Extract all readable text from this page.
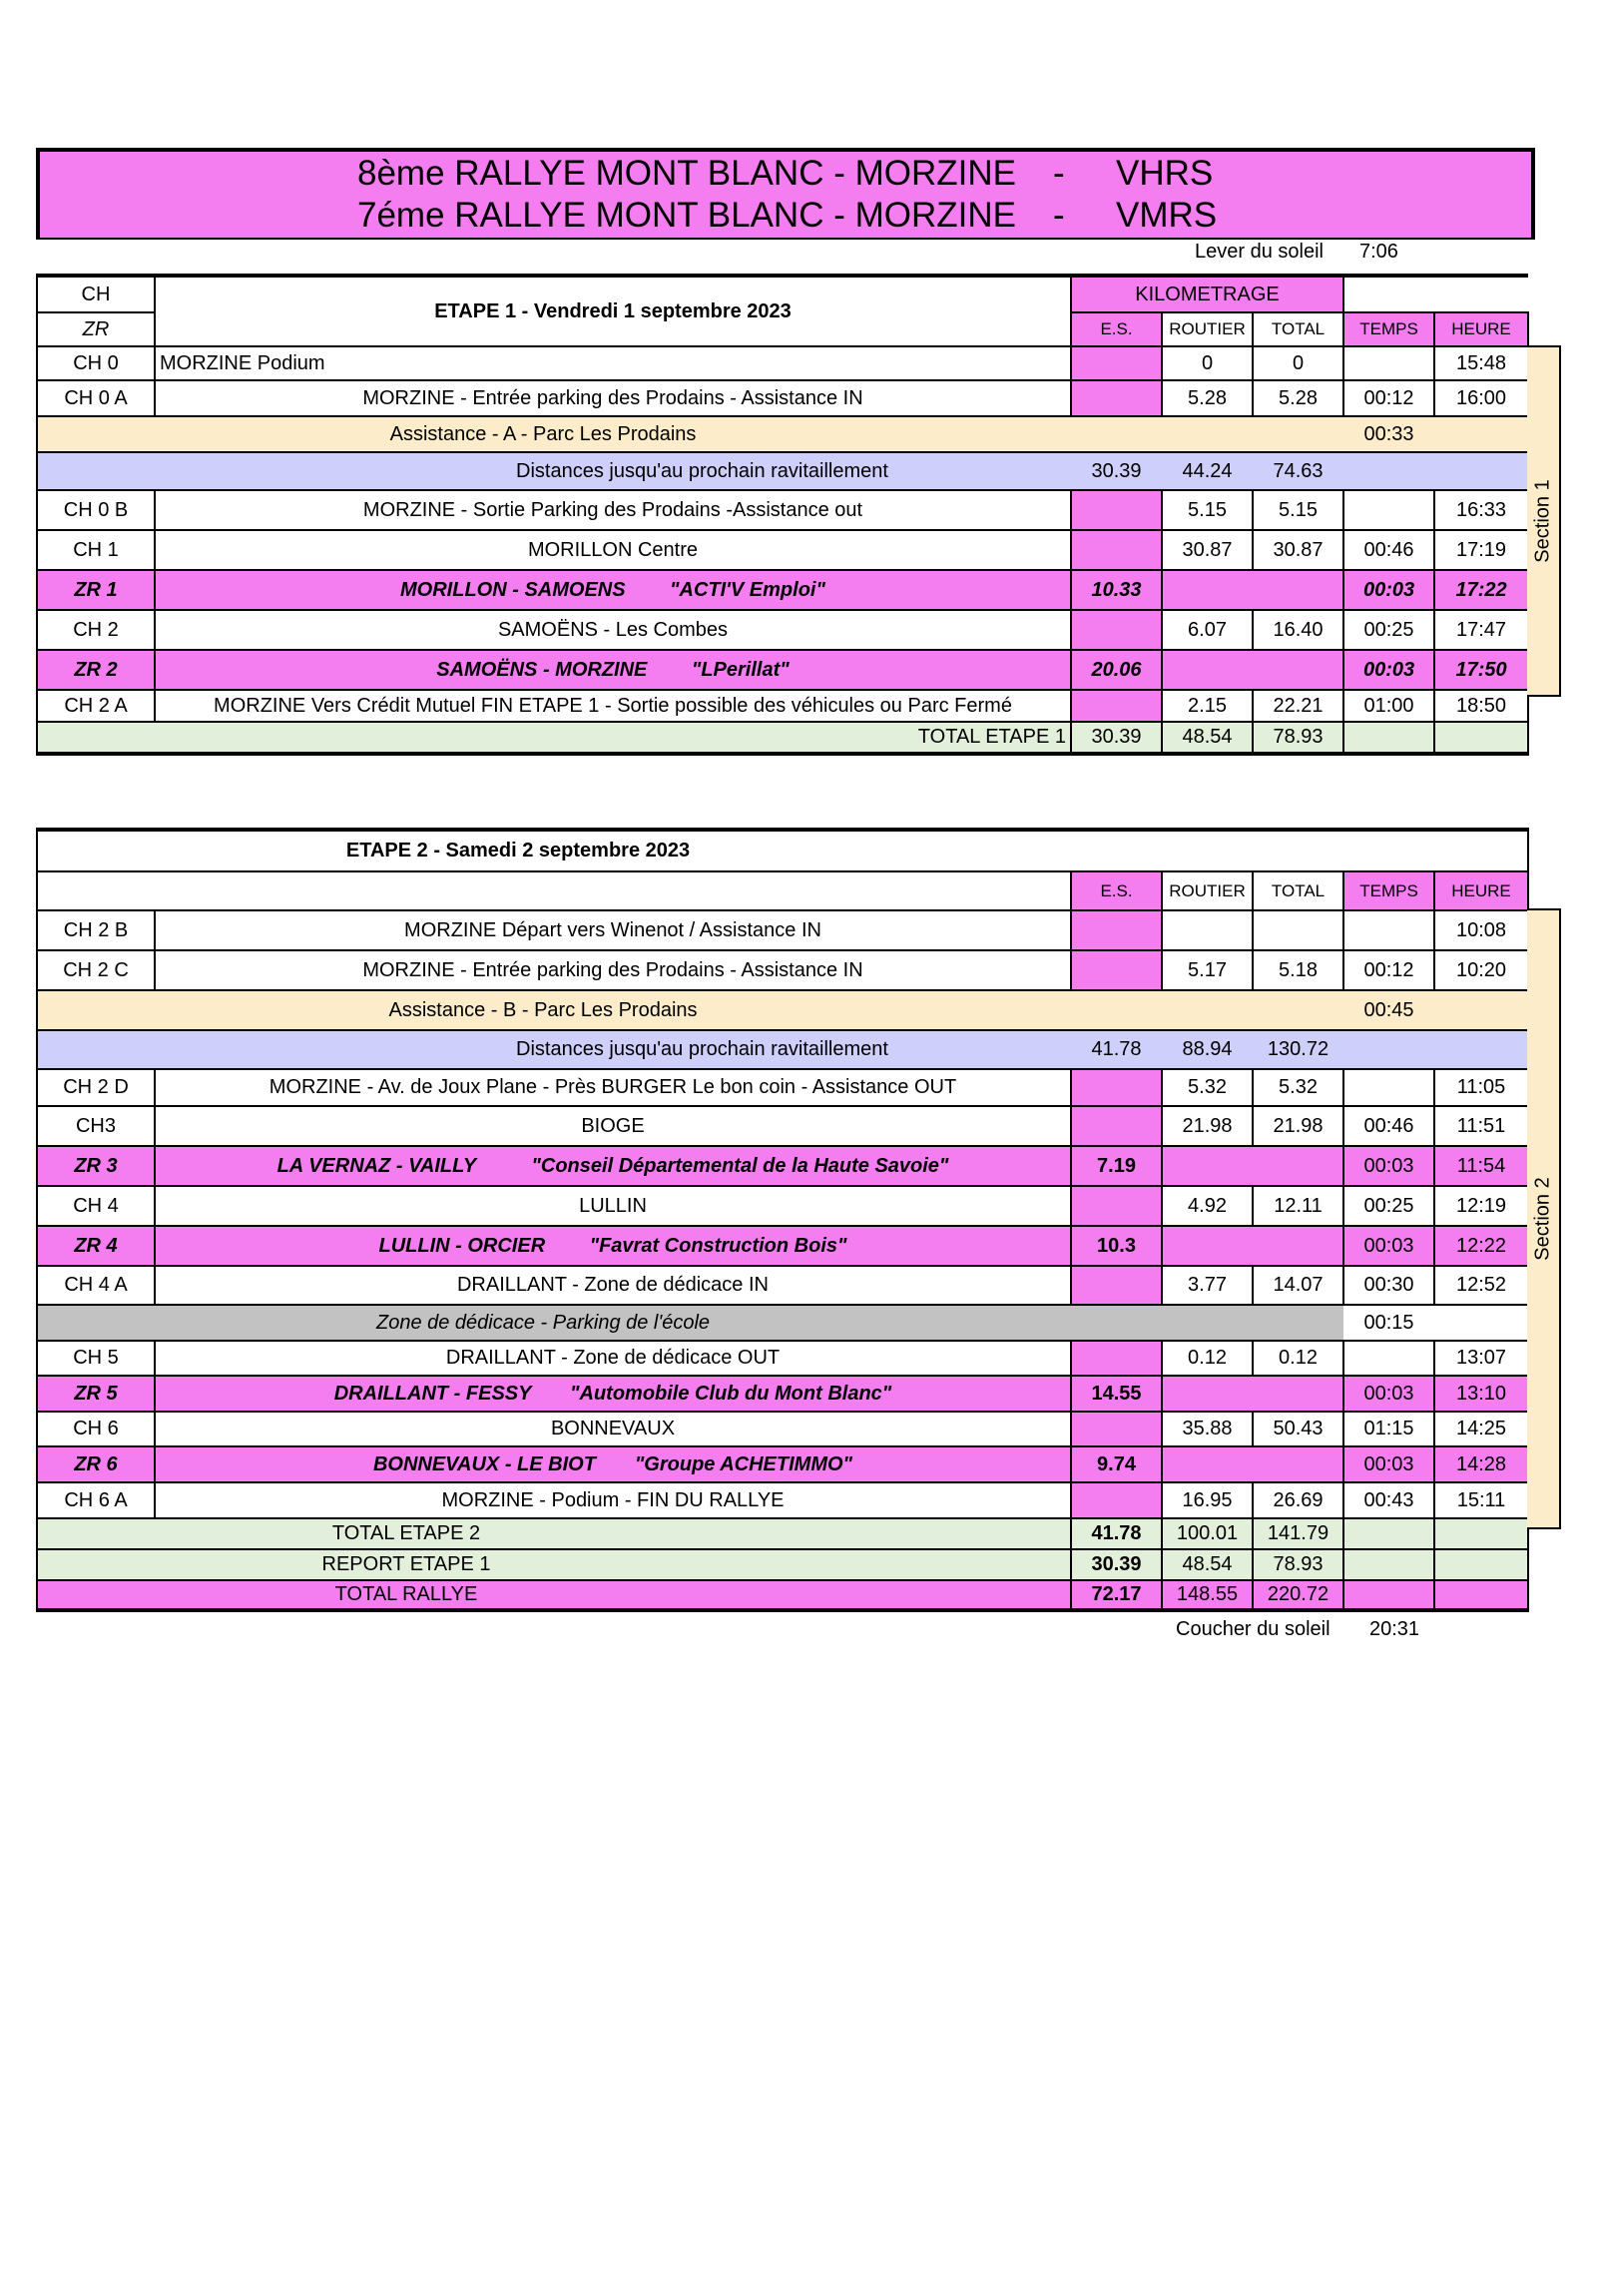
8ème RALLYE MONT BLANC - MORZINE - VHRS
7éme RALLYE MONT BLANC - MORZINE - VMRS
Lever du soleil 7:06
CH	ETAPE 1 - Vendredi 1 septembre 2023	KILOMETRAGE				
ZR		E.S.	ROUTIER	TOTAL	TEMPS	HEURE
CH 0	MORZINE Podium		0	0		15:48
CH 0 A	MORZINE - Entrée parking des Prodains - Assistance IN		5.28	5.28	00:12	16:00
Assistance - A - Parc Les Prodains					00:33	
Distances jusqu'au prochain ravitaillement		30.39	44.24	74.63		
CH 0 B	MORZINE - Sortie Parking des Prodains -Assistance out		5.15	5.15		16:33
CH 1	MORILLON Centre		30.87	30.87	00:46	17:19
ZR 1	MORILLON - SAMOENS        "ACTI'V Emploi"	10.33			00:03	17:22
CH 2	SAMOËNS - Les Combes		6.07	16.40	00:25	17:47
ZR 2	SAMOËNS - MORZINE        "LPerillat"	20.06			00:03	17:50
CH 2 A	MORZINE Vers Crédit Mutuel FIN ETAPE 1 - Sortie possible des véhicules ou Parc Fermé		2.15	22.21	01:00	18:50
TOTAL ETAPE 1		30.39	48.54	78.93		
Section 1
ETAPE 2 - Samedi 2 septembre 2023						
		E.S.	ROUTIER	TOTAL	TEMPS	HEURE
CH 2 B	MORZINE Départ vers Winenot / Assistance IN					10:08
CH 2 C	MORZINE - Entrée parking des Prodains - Assistance IN		5.17	5.18	00:12	10:20
Assistance - B - Parc Les Prodains					00:45	
Distances jusqu'au prochain ravitaillement		41.78	88.94	130.72		
CH 2 D	MORZINE - Av. de Joux Plane - Près BURGER Le bon coin - Assistance OUT		5.32	5.32		11:05
CH3	BIOGE		21.98	21.98	00:46	11:51
ZR 3	LA VERNAZ - VAILLY          "Conseil Départemental de la Haute Savoie"	7.19			00:03	11:54
CH 4	LULLIN		4.92	12.11	00:25	12:19
ZR 4	LULLIN - ORCIER        "Favrat Construction Bois"	10.3			00:03	12:22
CH 4 A	DRAILLANT - Zone de dédicace IN		3.77	14.07	00:30	12:52
Zone de dédicace - Parking de l'école					00:15	
CH 5	DRAILLANT - Zone de dédicace OUT		0.12	0.12		13:07
ZR 5	DRAILLANT - FESSY       "Automobile Club du Mont Blanc"	14.55			00:03	13:10
CH 6	BONNEVAUX		35.88	50.43	01:15	14:25
ZR 6	BONNEVAUX - LE BIOT       "Groupe ACHETIMMO"	9.74			00:03	14:28
CH 6 A	MORZINE - Podium - FIN DU RALLYE		16.95	26.69	00:43	15:11
TOTAL ETAPE 2		41.78	100.01	141.79		
REPORT ETAPE 1		30.39	48.54	78.93		
TOTAL RALLYE		72.17	148.55	220.72		
Section 2
Coucher du soleil 20:31
